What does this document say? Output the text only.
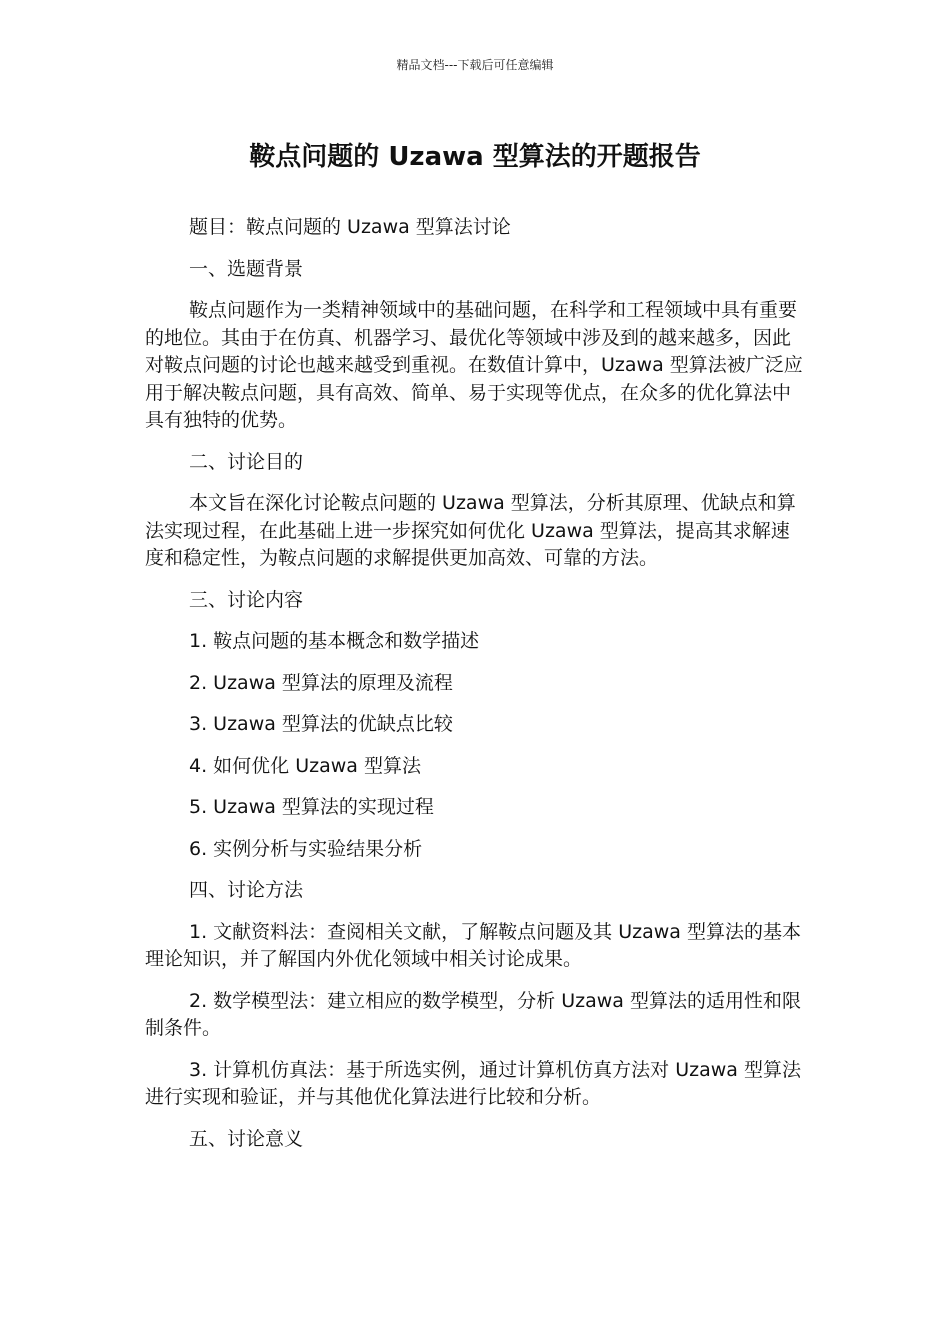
精品文档---下载后可任意编辑
鞍点问题的 Uzawa 型算法的开题报告

题目：鞍点问题的 Uzawa 型算法讨论

一、选题背景

鞍点问题作为一类精神领域中的基础问题，在科学和工程领域中具有重要的地位。其由于在仿真、机器学习、最优化等领域中涉及到的越来越多，因此对鞍点问题的讨论也越来越受到重视。在数值计算中，Uzawa 型算法被广泛应用于解决鞍点问题，具有高效、简单、易于实现等优点，在众多的优化算法中具有独特的优势。

二、讨论目的

本文旨在深化讨论鞍点问题的 Uzawa 型算法，分析其原理、优缺点和算法实现过程，在此基础上进一步探究如何优化 Uzawa 型算法，提高其求解速度和稳定性，为鞍点问题的求解提供更加高效、可靠的方法。

三、讨论内容

1. 鞍点问题的基本概念和数学描述

2. Uzawa 型算法的原理及流程

3. Uzawa 型算法的优缺点比较

4. 如何优化 Uzawa 型算法

5. Uzawa 型算法的实现过程

6. 实例分析与实验结果分析

四、讨论方法

1. 文献资料法：查阅相关文献，了解鞍点问题及其 Uzawa 型算法的基本理论知识，并了解国内外优化领域中相关讨论成果。

2. 数学模型法：建立相应的数学模型，分析 Uzawa 型算法的适用性和限制条件。

3. 计算机仿真法：基于所选实例，通过计算机仿真方法对 Uzawa 型算法进行实现和验证，并与其他优化算法进行比较和分析。

五、讨论意义
